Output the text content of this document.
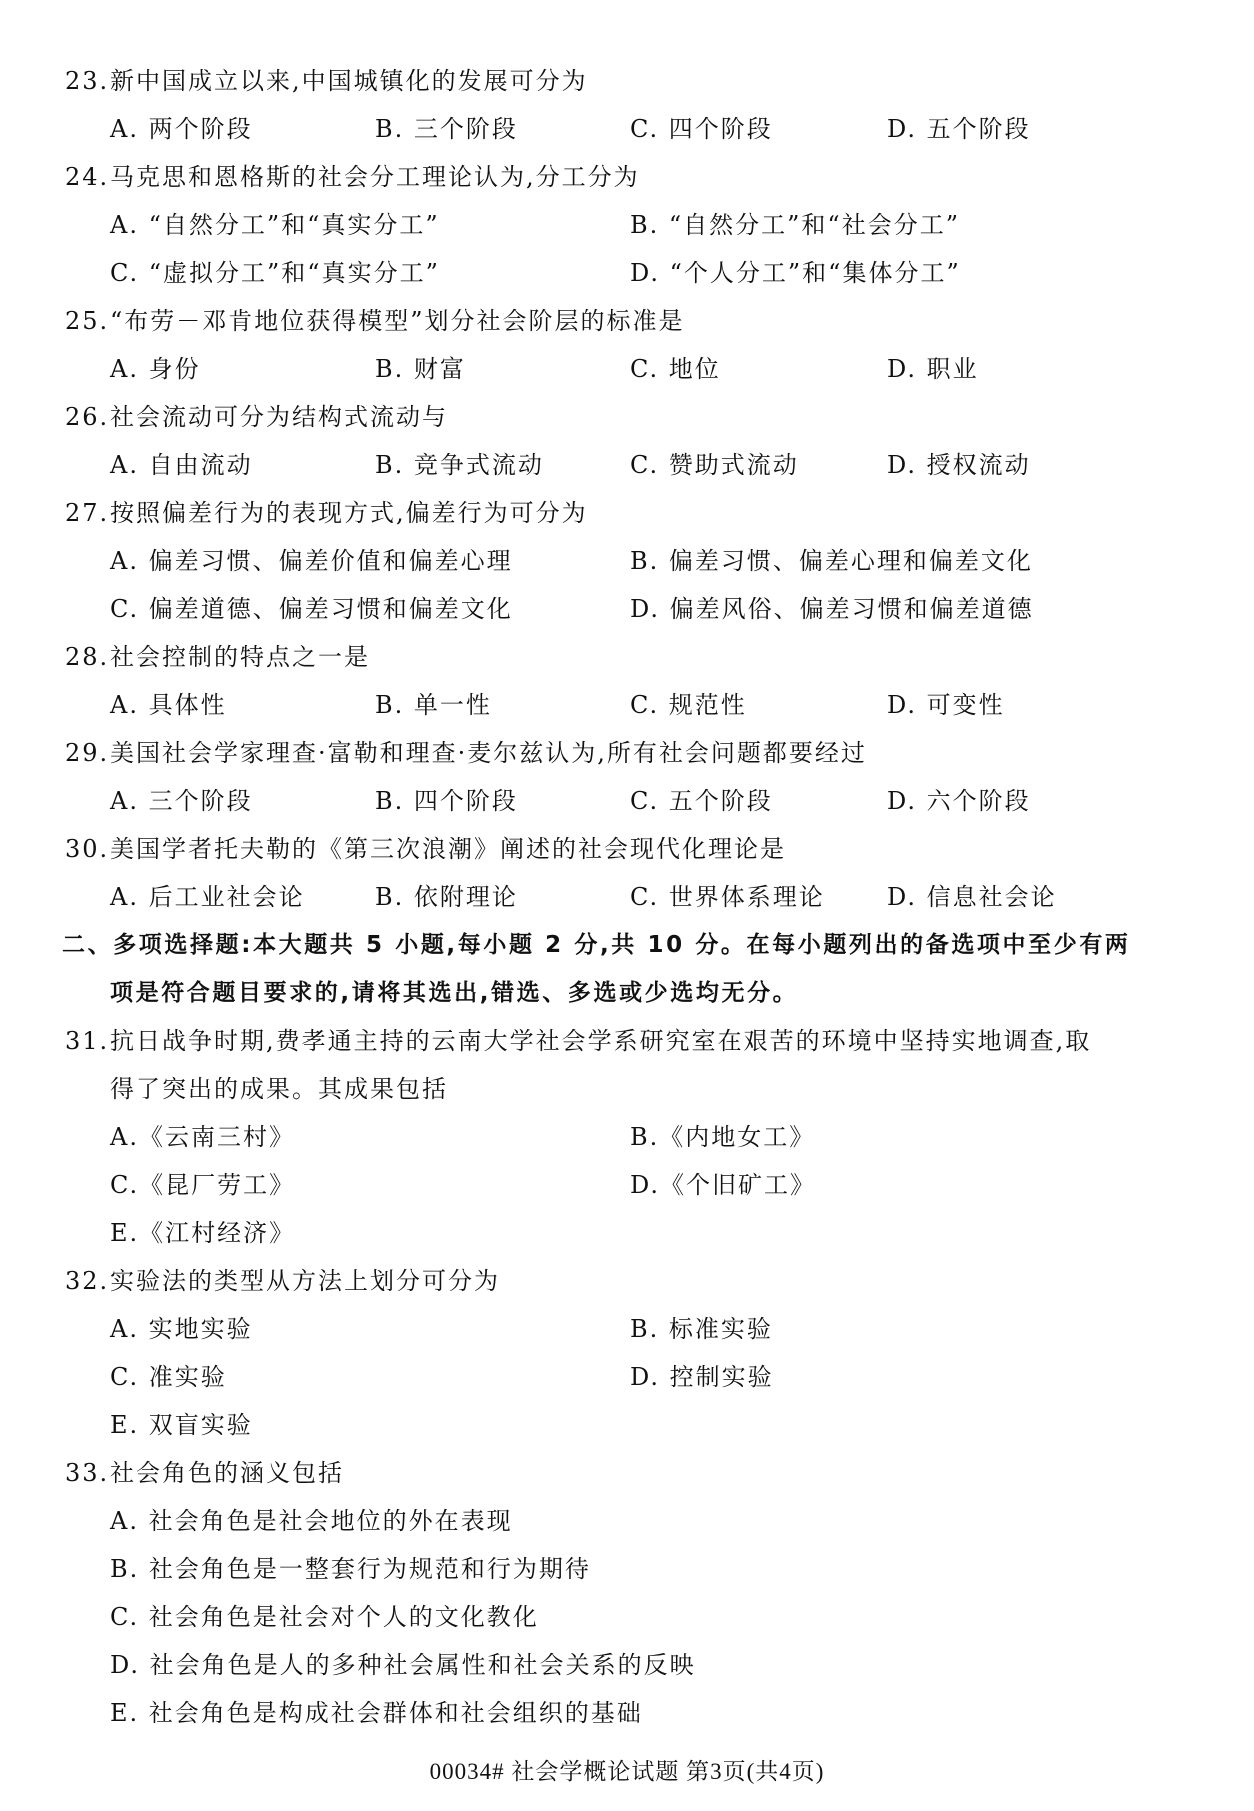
23. 新中国成立以来,中国城镇化的发展可分为
A. 两个阶段	B. 三个阶段	C. 四个阶段	D. 五个阶段
24. 马克思和恩格斯的社会分工理论认为,分工分为
A. “自然分工”和“真实分工”	B. “自然分工”和“社会分工”
C. “虚拟分工”和“真实分工”	D. “个人分工”和“集体分工”
25. “布劳－邓肯地位获得模型”划分社会阶层的标准是
A. 身份	B. 财富	C. 地位	D. 职业
26. 社会流动可分为结构式流动与
A. 自由流动	B. 竞争式流动	C. 赞助式流动	D. 授权流动
27. 按照偏差行为的表现方式,偏差行为可分为
A. 偏差习惯、偏差价值和偏差心理	B. 偏差习惯、偏差心理和偏差文化
C. 偏差道德、偏差习惯和偏差文化	D. 偏差风俗、偏差习惯和偏差道德
28. 社会控制的特点之一是
A. 具体性	B. 单一性	C. 规范性	D. 可变性
29. 美国社会学家理查·富勒和理查·麦尔兹认为,所有社会问题都要经过
A. 三个阶段	B. 四个阶段	C. 五个阶段	D. 六个阶段
30. 美国学者托夫勒的《第三次浪潮》阐述的社会现代化理论是
A. 后工业社会论	B. 依附理论	C. 世界体系理论	D. 信息社会论
二、多项选择题:本大题共 5 小题,每小题 2 分,共 10 分。在每小题列出的备选项中至少有两
项是符合题目要求的,请将其选出,错选、多选或少选均无分。
31. 抗日战争时期,费孝通主持的云南大学社会学系研究室在艰苦的环境中坚持实地调查,取
得了突出的成果。其成果包括
A.《云南三村》	B.《内地女工》
C.《昆厂劳工》	D.《个旧矿工》
E.《江村经济》
32. 实验法的类型从方法上划分可分为
A. 实地实验	B. 标准实验
C. 准实验	D. 控制实验
E. 双盲实验
33. 社会角色的涵义包括
A. 社会角色是社会地位的外在表现
B. 社会角色是一整套行为规范和行为期待
C. 社会角色是社会对个人的文化教化
D. 社会角色是人的多种社会属性和社会关系的反映
E. 社会角色是构成社会群体和社会组织的基础
00034# 社会学概论试题 第3页(共4页)
